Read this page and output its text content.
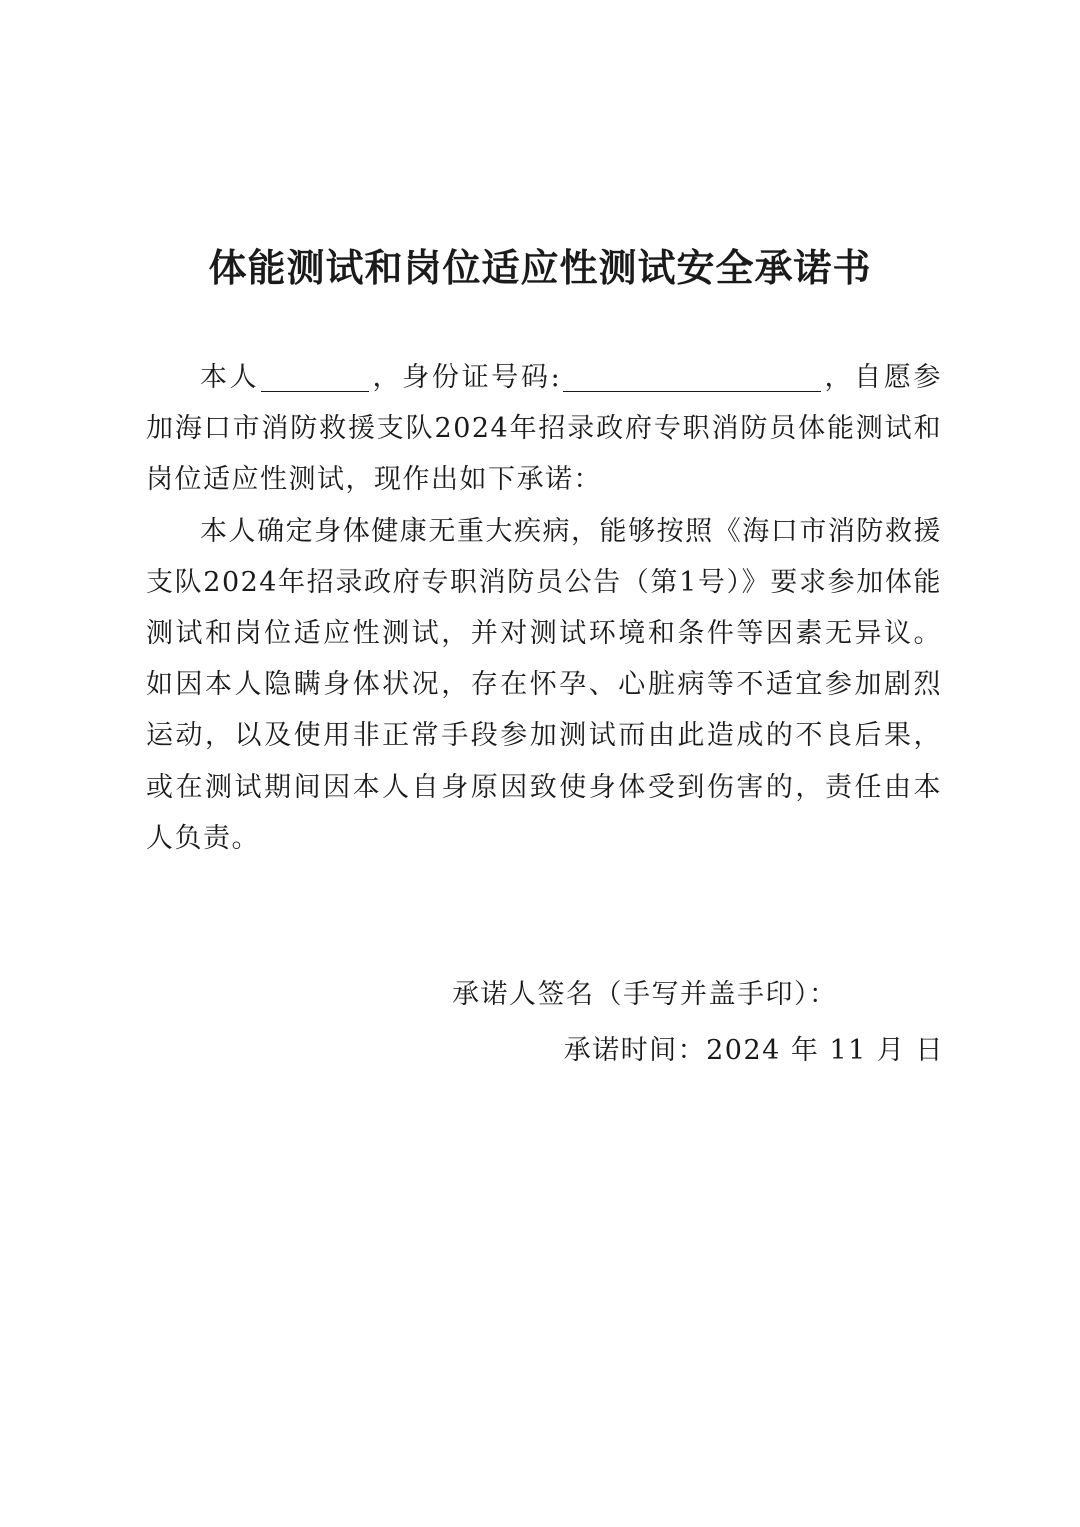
体能测试和岗位适应性测试安全承诺书

本人	，身份证号码:	，自愿参加海口市消防救援支队2024年招录政府专职消防员体能测试和岗位适应性测试，现作出如下承诺：

本人确定身体健康无重大疾病，能够按照《海口市消防救援支队2024年招录政府专职消防员公告（第1号）》要求参加体能测试和岗位适应性测试，并对测试环境和条件等因素无异议。如因本人隐瞒身体状况，存在怀孕、心脏病等不适宜参加剧烈运动，以及使用非正常手段参加测试而由此造成的不良后果，或在测试期间因本人自身原因致使身体受到伤害的，责任由本人负责。

承诺人签名（手写并盖手印）：
承诺时间：2024 年 11 月 日
